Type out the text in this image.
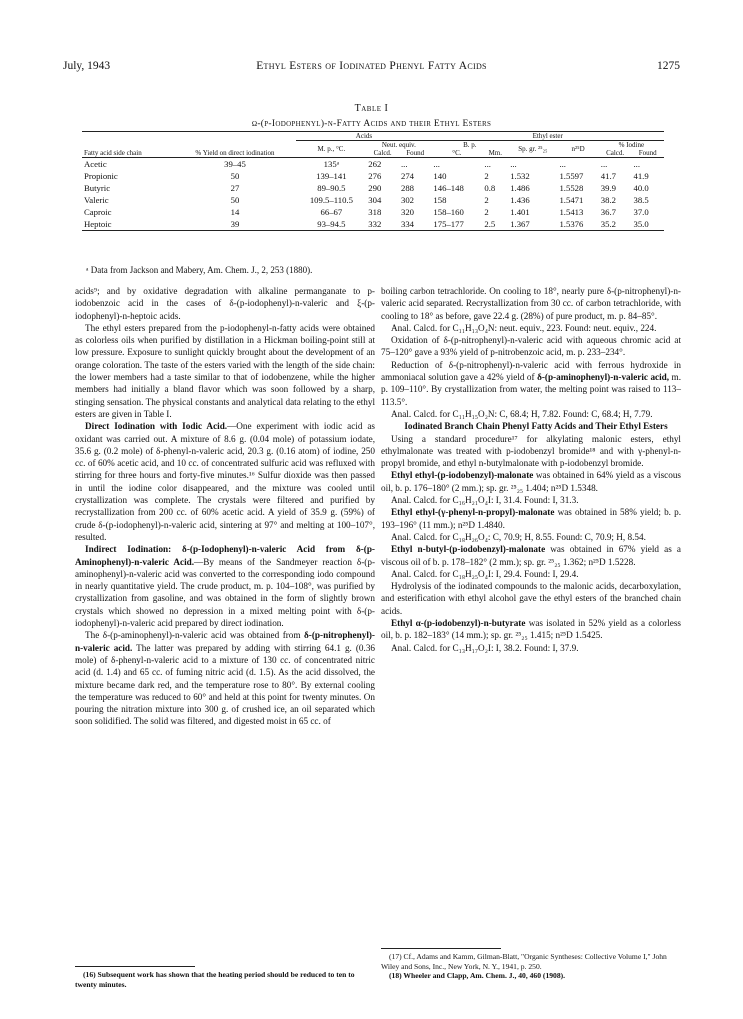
July, 1943	Ethyl Esters of Iodinated Phenyl Fatty Acids	1275
Table I
ω-(p-Iodophenyl)-n-Fatty Acids and their Ethyl Esters
Fatty acid side chain	% Yield on direct iodination	Acids			Ethyl ester					
		M. p., °C.	Neut. equiv.		B. p.		Sp. gr. ²⁵₂₅	n²⁵D	% Iodine	
			Calcd.	Found	°C.	Mm.			Calcd.	Found
Acetic	39–45	135ᵃ	262	...	...	...	...	...	...	...
Propionic	50	139–141	276	274	140	2	1.532	1.5597	41.7	41.9
Butyric	27	89–90.5	290	288	146–148	0.8	1.486	1.5528	39.9	40.0
Valeric	50	109.5–110.5	304	302	158	2	1.436	1.5471	38.2	38.5
Caproic	14	66–67	318	320	158–160	2	1.401	1.5413	36.7	37.0
Heptoic	39	93–94.5	332	334	175–177	2.5	1.367	1.5376	35.2	35.0
ᵃ Data from Jackson and Mabery, Am. Chem. J., 2, 253 (1880).

acids⁹; and by oxidative degradation with alkaline permanganate to p-iodobenzoic acid in the cases of δ-(p-iodophenyl)-n-valeric and ξ-(p-iodophenyl)-n-heptoic acids.

The ethyl esters prepared from the p-iodophenyl-n-fatty acids were obtained as colorless oils when purified by distillation in a Hickman boiling-point still at low pressure. Exposure to sunlight quickly brought about the development of an orange coloration. The taste of the esters varied with the length of the side chain: the lower members had a taste similar to that of iodobenzene, while the higher members had initially a bland flavor which was soon followed by a sharp, stinging sensation. The physical constants and analytical data relating to the ethyl esters are given in Table I.

Direct Iodination with Iodic Acid.—One experiment with iodic acid as oxidant was carried out. A mixture of 8.6 g. (0.04 mole) of potassium iodate, 35.6 g. (0.2 mole) of δ-phenyl-n-valeric acid, 20.3 g. (0.16 atom) of iodine, 250 cc. of 60% acetic acid, and 10 cc. of concentrated sulfuric acid was refluxed with stirring for three hours and forty-five minutes.¹⁶ Sulfur dioxide was then passed in until the iodine color disappeared, and the mixture was cooled until crystallization was complete. The crystals were filtered and purified by recrystallization from 200 cc. of 60% acetic acid. A yield of 35.9 g. (59%) of crude δ-(p-iodophenyl)-n-valeric acid, sintering at 97° and melting at 100–107°, resulted.

Indirect Iodination: δ-(p-Iodophenyl)-n-valeric Acid from δ-(p-Aminophenyl)-n-valeric Acid.—By means of the Sandmeyer reaction δ-(p-aminophenyl)-n-valeric acid was converted to the corresponding iodo compound in nearly quantitative yield. The crude product, m. p. 104–108°, was purified by crystallization from gasoline, and was obtained in the form of slightly brown crystals which showed no depression in a mixed melting point with δ-(p-iodophenyl)-n-valeric acid prepared by direct iodination.

The δ-(p-aminophenyl)-n-valeric acid was obtained from δ-(p-nitrophenyl)-n-valeric acid. The latter was prepared by adding with stirring 64.1 g. (0.36 mole) of δ-phenyl-n-valeric acid to a mixture of 130 cc. of concentrated nitric acid (d. 1.4) and 65 cc. of fuming nitric acid (d. 1.5). As the acid dissolved, the mixture became dark red, and the temperature rose to 80°. By external cooling the temperature was reduced to 60° and held at this point for twenty minutes. On pouring the nitration mixture into 300 g. of crushed ice, an oil separated which soon solidified. The solid was filtered, and digested moist in 65 cc. of

(16) Subsequent work has shown that the heating period should be reduced to ten to twenty minutes.

boiling carbon tetrachloride. On cooling to 18°, nearly pure δ-(p-nitrophenyl)-n-valeric acid separated. Recrystallization from 30 cc. of carbon tetrachloride, with cooling to 18° as before, gave 22.4 g. (28%) of pure product, m. p. 84–85°.

Anal. Calcd. for C₁₁H₁₃O₄N: neut. equiv., 223. Found: neut. equiv., 224.

Oxidation of δ-(p-nitrophenyl)-n-valeric acid with aqueous chromic acid at 75–120° gave a 93% yield of p-nitrobenzoic acid, m. p. 233–234°.

Reduction of δ-(p-nitrophenyl)-n-valeric acid with ferrous hydroxide in ammoniacal solution gave a 42% yield of δ-(p-aminophenyl)-n-valeric acid, m. p. 109–110°. By crystallization from water, the melting point was raised to 113–113.5°.

Anal. Calcd. for C₁₁H₁₅O₂N: C, 68.4; H, 7.82. Found: C, 68.4; H, 7.79.

Iodinated Branch Chain Phenyl Fatty Acids and Their Ethyl Esters

Using a standard procedure¹⁷ for alkylating malonic esters, ethyl ethylmalonate was treated with p-iodobenzyl bromide¹⁸ and with γ-phenyl-n-propyl bromide, and ethyl n-butylmalonate with p-iodobenzyl bromide.

Ethyl ethyl-(p-iodobenzyl)-malonate was obtained in 64% yield as a viscous oil, b. p. 176–180° (2 mm.); sp. gr. ²⁵₂₅ 1.404; n²⁵D 1.5348.

Anal. Calcd. for C₁₆H₂₁O₄I: I, 31.4. Found: I, 31.3.

Ethyl ethyl-(γ-phenyl-n-propyl)-malonate was obtained in 58% yield; b. p. 193–196° (11 mm.); n²⁵D 1.4840.

Anal. Calcd. for C₁₈H₂₆O₄: C, 70.9; H, 8.55. Found: C, 70.9; H, 8.54.

Ethyl n-butyl-(p-iodobenzyl)-malonate was obtained in 67% yield as a viscous oil of b. p. 178–182° (2 mm.); sp. gr. ²⁵₂₅ 1.362; n²⁵D 1.5228.

Anal. Calcd. for C₁₈H₂₅O₄I: I, 29.4. Found: I, 29.4.

Hydrolysis of the iodinated compounds to the malonic acids, decarboxylation, and esterification with ethyl alcohol gave the ethyl esters of the branched chain acids.

Ethyl α-(p-iodobenzyl)-n-butyrate was isolated in 52% yield as a colorless oil, b. p. 182–183° (14 mm.); sp. gr. ²⁵₂₅ 1.415; n²⁵D 1.5425.

Anal. Calcd. for C₁₃H₁₇O₂I: I, 38.2. Found: I, 37.9.

(17) Cf., Adams and Kamm, Gilman-Blatt, "Organic Syntheses: Collective Volume I," John Wiley and Sons, Inc., New York, N. Y., 1941, p. 250.

(18) Wheeler and Clapp, Am. Chem. J., 40, 460 (1908).
